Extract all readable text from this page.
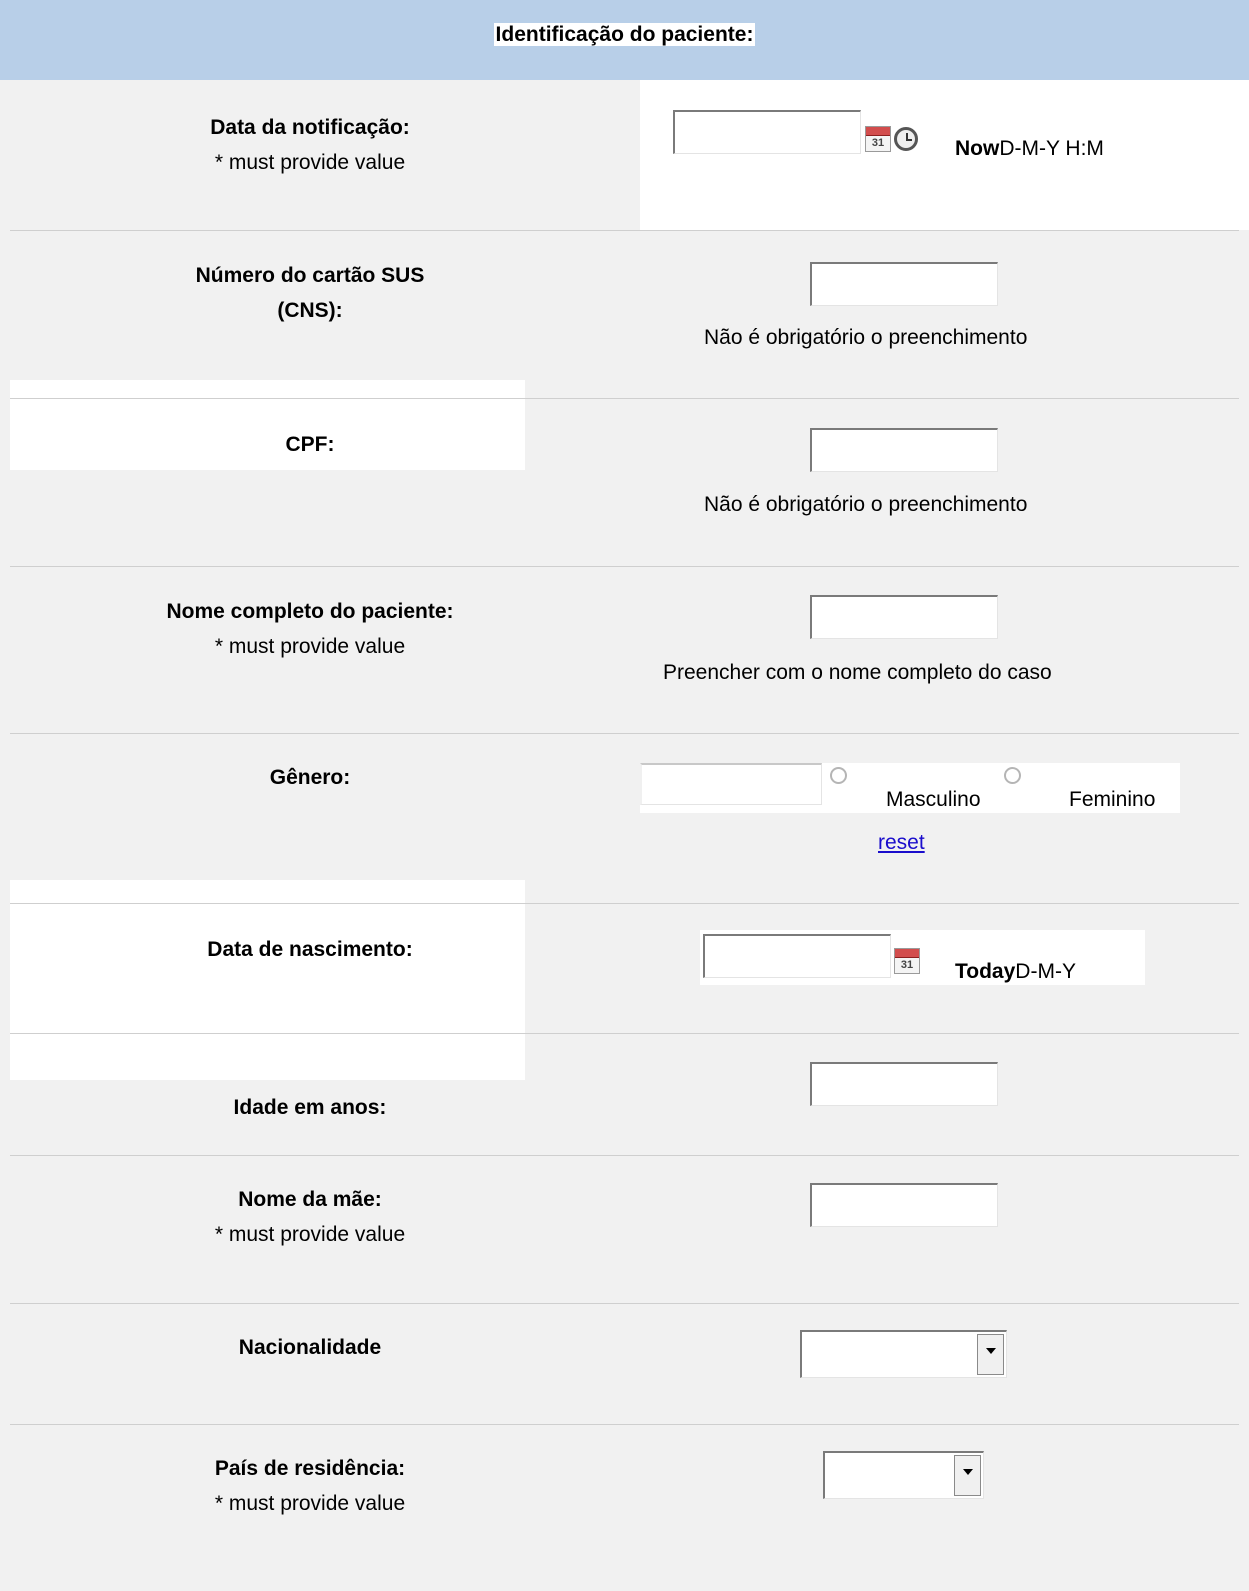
Identificação do paciente:
Data da notificação:
* must provide value
31	NowD-M-Y H:M
Número do cartão SUS
(CNS):
Não é obrigatório o preenchimento
CPF:
Não é obrigatório o preenchimento
Nome completo do paciente:
* must provide value
Preencher com o nome completo do caso
Gênero:
Masculino	Feminino
reset
Data de nascimento:
31	TodayD-M-Y
Idade em anos:
Nome da mãe:
* must provide value
Nacionalidade
País de residência:
* must provide value
